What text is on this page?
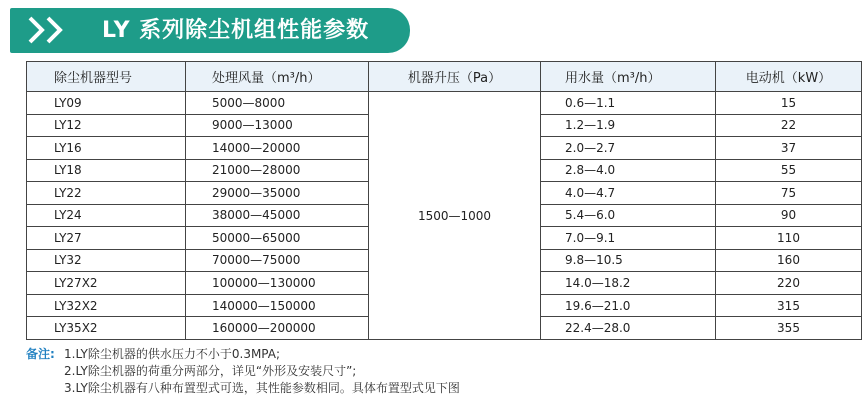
LY 系列除尘机组性能参数
除尘机器型号	处理风量（m³/h）	机器升压（Pa）	用水量（m³/h）	电动机（kW）
LY09	5000—8000	1500—1000	0.6—1.1	15
LY12	9000—13000		1.2—1.9	22
LY16	14000—20000		2.0—2.7	37
LY18	21000—28000		2.8—4.0	55
LY22	29000—35000		4.0—4.7	75
LY24	38000—45000		5.4—6.0	90
LY27	50000—65000		7.0—9.1	110
LY32	70000—75000		9.8—10.5	160
LY27X2	100000—130000		14.0—18.2	220
LY32X2	140000—150000		19.6—21.0	315
LY35X2	160000—200000		22.4—28.0	355
备注: 1.LY除尘机器的供水压力不小于0.3MPA;
2.LY除尘机器的荷重分两部分，详见“外形及安装尺寸”;
3.LY除尘机器有八种布置型式可选，其性能参数相同。具体布置型式见下图
